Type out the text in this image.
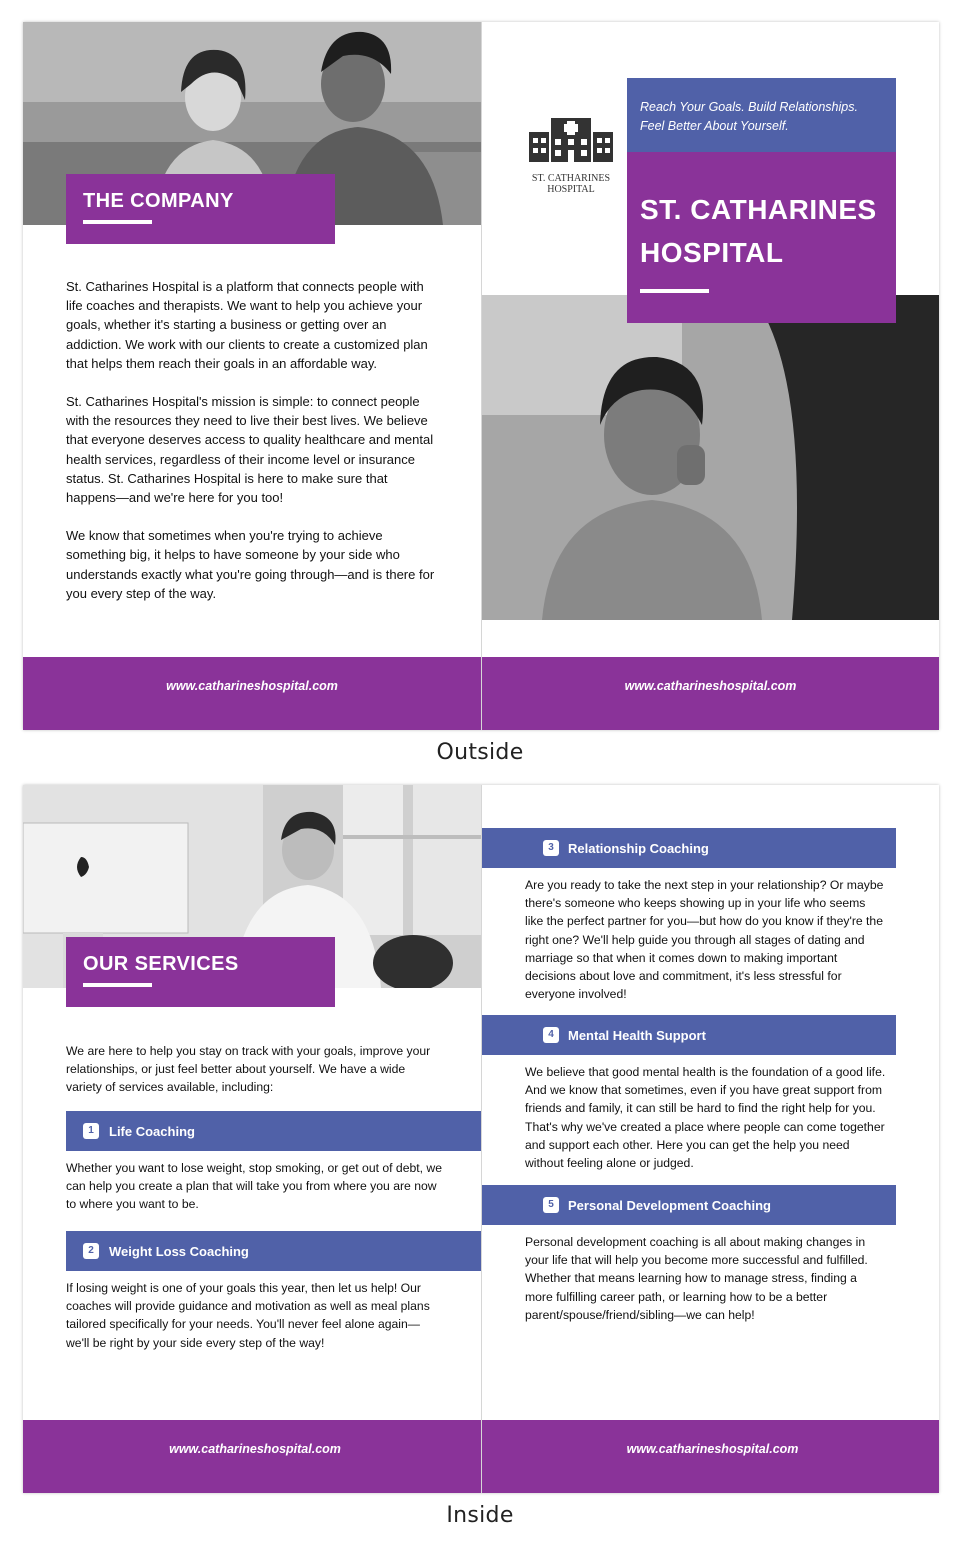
THE COMPANY

St. Catharines Hospital is a platform that connects people with life coaches and therapists. We want to help you achieve your goals, whether it's starting a business or getting over an addiction. We work with our clients to create a customized plan that helps them reach their goals in an affordable way.

St. Catharines Hospital's mission is simple: to connect people with the resources they need to live their best lives. We believe that everyone deserves access to quality healthcare and mental health services, regardless of their income level or insurance status. St. Catharines Hospital is here to make sure that happens—and we're here for you too!

We know that sometimes when you're trying to achieve something big, it helps to have someone by your side who understands exactly what you're going through—and is there for you every step of the way.

ST. CATHARINES
HOSPITAL
Reach Your Goals. Build Relationships.
Feel Better About Yourself.
ST. CATHARINES
HOSPITAL
www.catharineshospital.com	www.catharineshospital.com
Outside
OUR SERVICES
We are here to help you stay on track with your goals, improve your relationships, or just feel better about yourself. We have a wide variety of services available, including:
1	Life Coaching
Whether you want to lose weight, stop smoking, or get out of debt, we can help you create a plan that will take you from where you are now to where you want to be.
2	Weight Loss Coaching
If losing weight is one of your goals this year, then let us help! Our coaches will provide guidance and motivation as well as meal plans tailored specifically for your needs. You'll never feel alone again—we'll be right by your side every step of the way!
3	Relationship Coaching
Are you ready to take the next step in your relationship? Or maybe there's someone who keeps showing up in your life who seems like the perfect partner for you—but how do you know if they're the right one? We'll help guide you through all stages of dating and marriage so that when it comes down to making important decisions about love and commitment, it's less stressful for everyone involved!
4	Mental Health Support
We believe that good mental health is the foundation of a good life. And we know that sometimes, even if you have great support from friends and family, it can still be hard to find the right help for you. That's why we've created a place where people can come together and support each other. Here you can get the help you need without feeling alone or judged.
5	Personal Development Coaching
Personal development coaching is all about making changes in your life that will help you become more successful and fulfilled. Whether that means learning how to manage stress, finding a more fulfilling career path, or learning how to be a better parent/spouse/friend/sibling—we can help!
www.catharineshospital.com	www.catharineshospital.com
Inside
